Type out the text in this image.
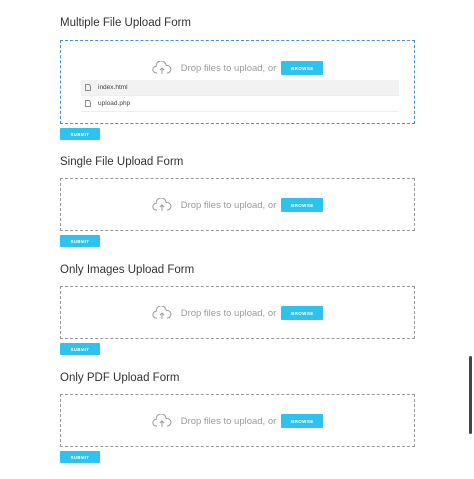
Multiple File Upload Form
Drop files to upload, or	BROWSE
index.html
upload.php
SUBMIT
Single File Upload Form
Drop files to upload, or	BROWSE
SUBMIT
Only Images Upload Form
Drop files to upload, or	BROWSE
SUBMIT
Only PDF Upload Form
Drop files to upload, or	BROWSE
SUBMIT
